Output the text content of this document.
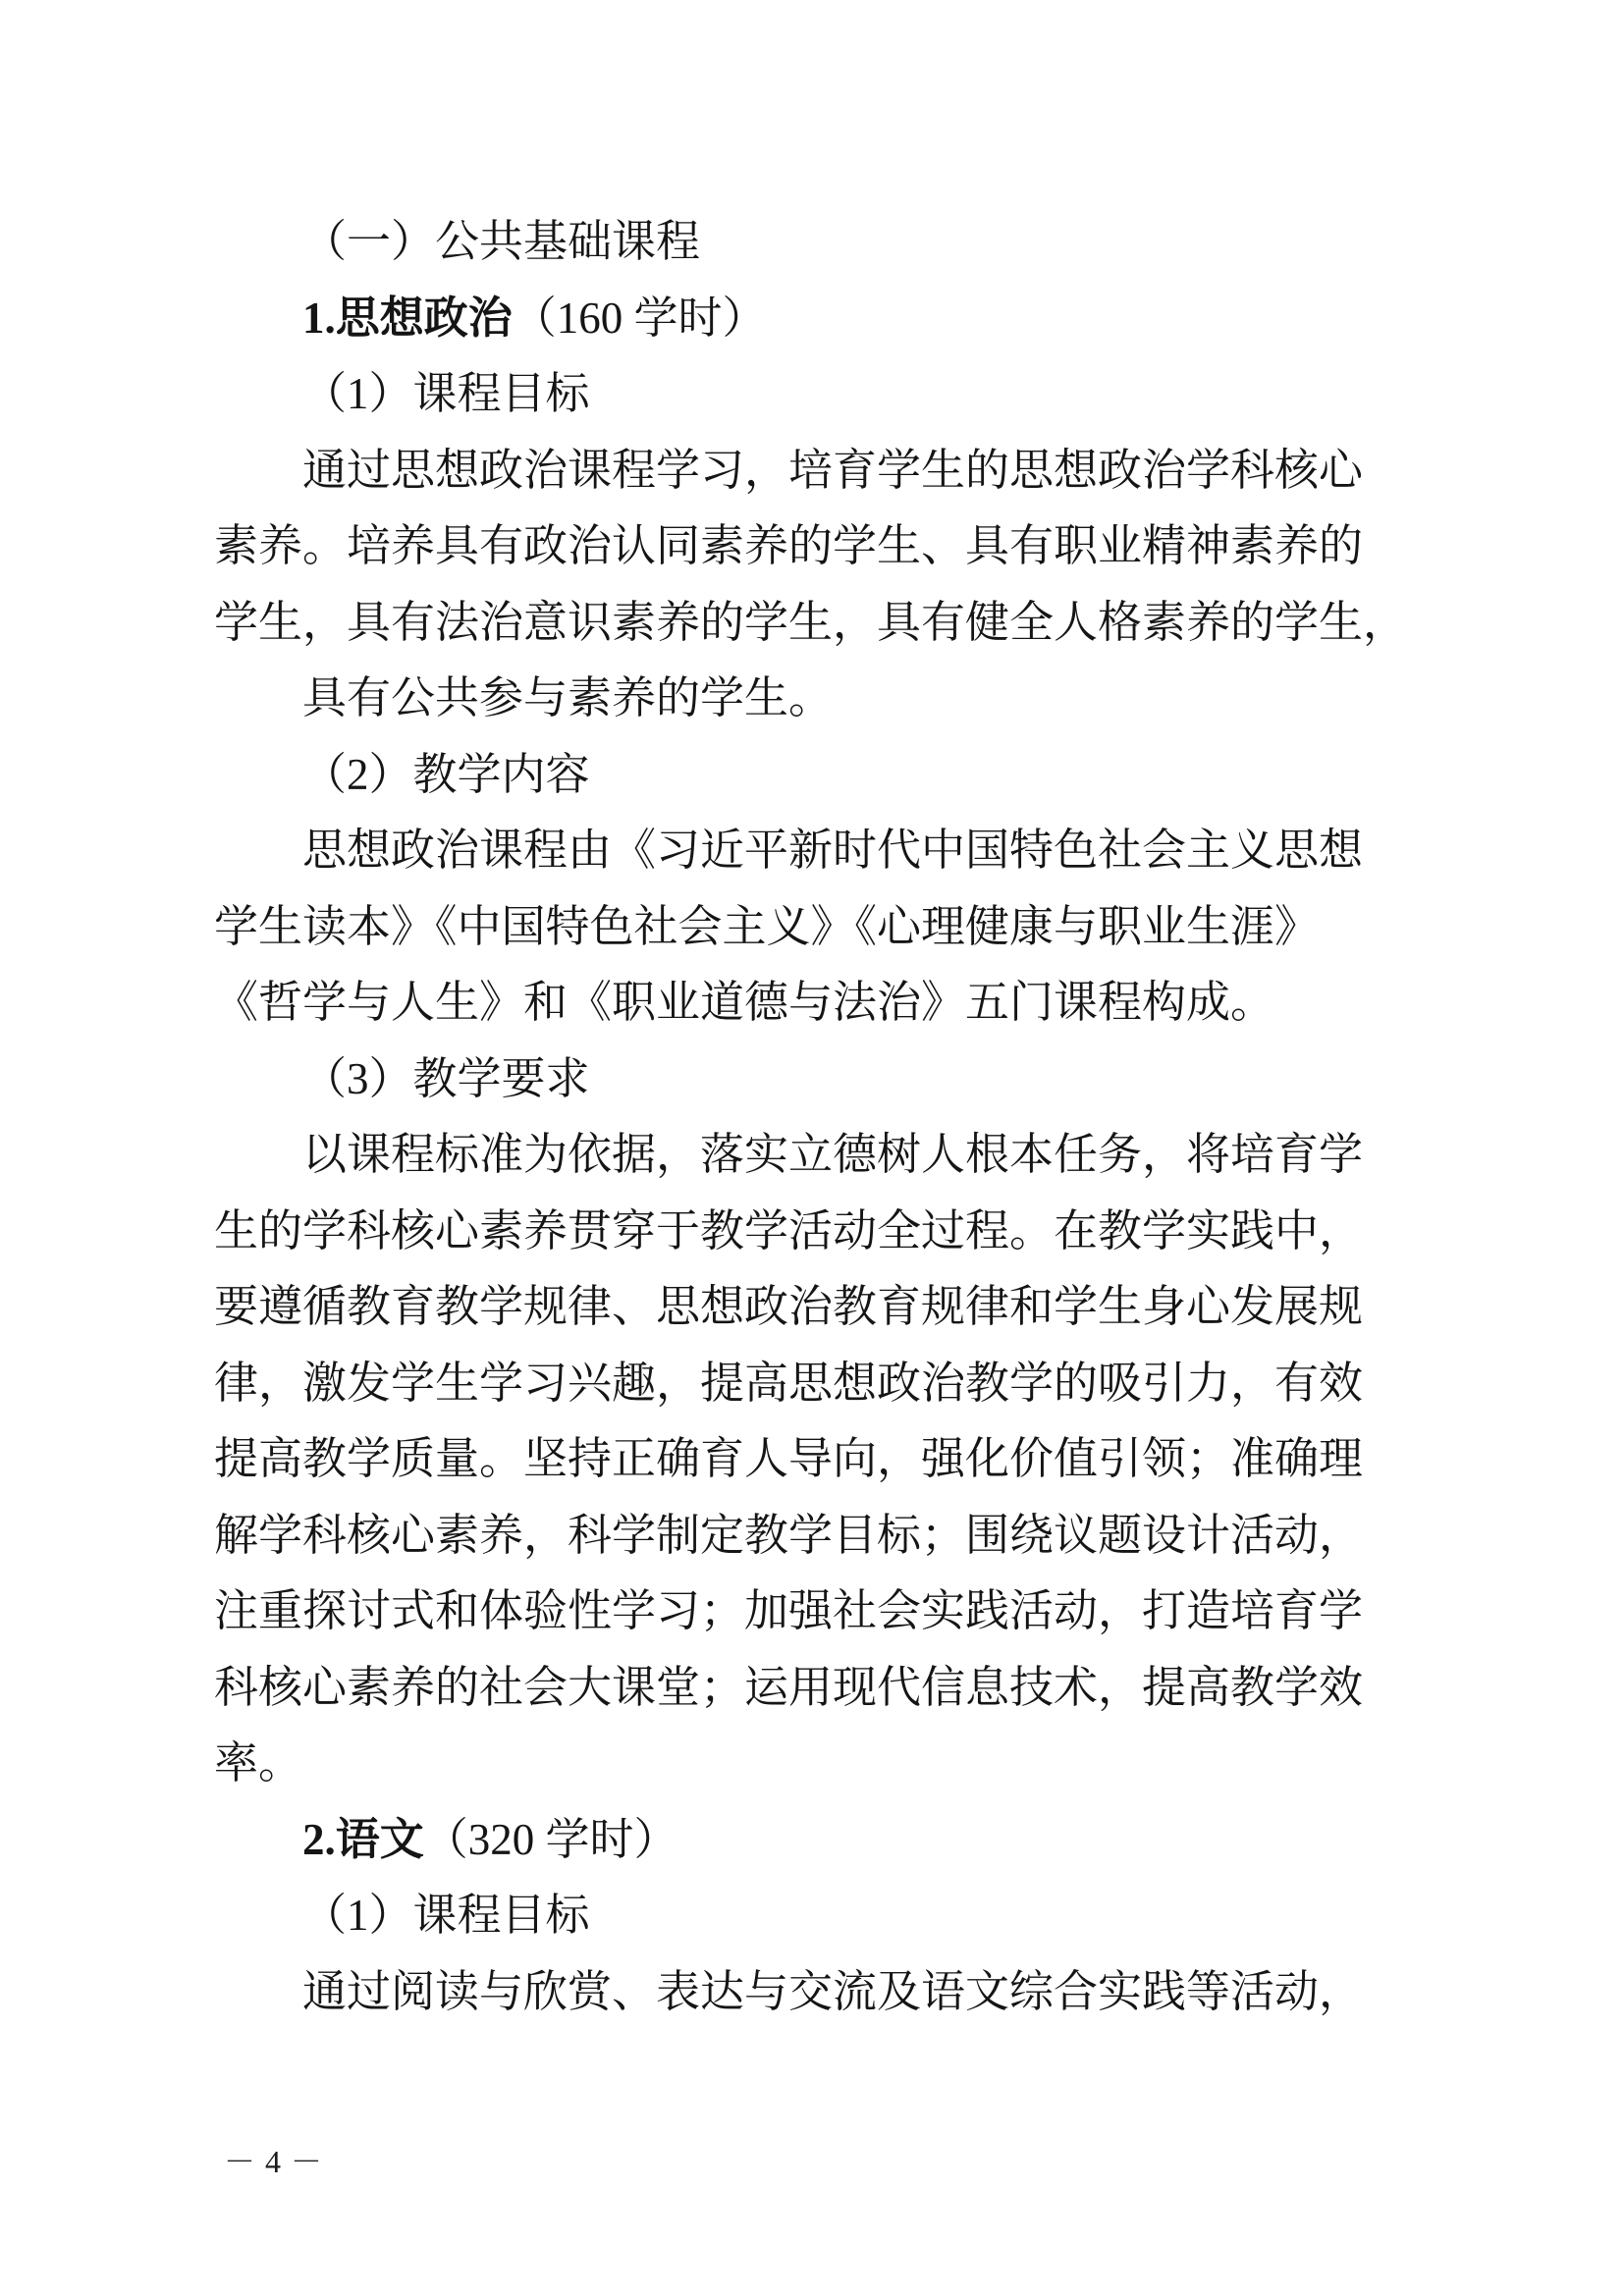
（一）公共基础课程
1.思想政治（160 学时）
（1）课程目标
通过思想政治课程学习，培育学生的思想政治学科核心
素养。培养具有政治认同素养的学生、具有职业精神素养的
学生，具有法治意识素养的学生，具有健全人格素养的学生，
具有公共参与素养的学生。
（2）教学内容
思想政治课程由《习近平新时代中国特色社会主义思想
学生读本》《中国特色社会主义》《心理健康与职业生涯》
《哲学与人生》和《职业道德与法治》五门课程构成。
（3）教学要求
以课程标准为依据，落实立德树人根本任务，将培育学
生的学科核心素养贯穿于教学活动全过程。在教学实践中，
要遵循教育教学规律、思想政治教育规律和学生身心发展规
律，激发学生学习兴趣，提高思想政治教学的吸引力，有效
提高教学质量。坚持正确育人导向，强化价值引领；准确理
解学科核心素养，科学制定教学目标；围绕议题设计活动，
注重探讨式和体验性学习；加强社会实践活动，打造培育学
科核心素养的社会大课堂；运用现代信息技术，提高教学效
率。
2.语文（320 学时）
（1）课程目标
通过阅读与欣赏、表达与交流及语文综合实践等活动，
－ 4 －
